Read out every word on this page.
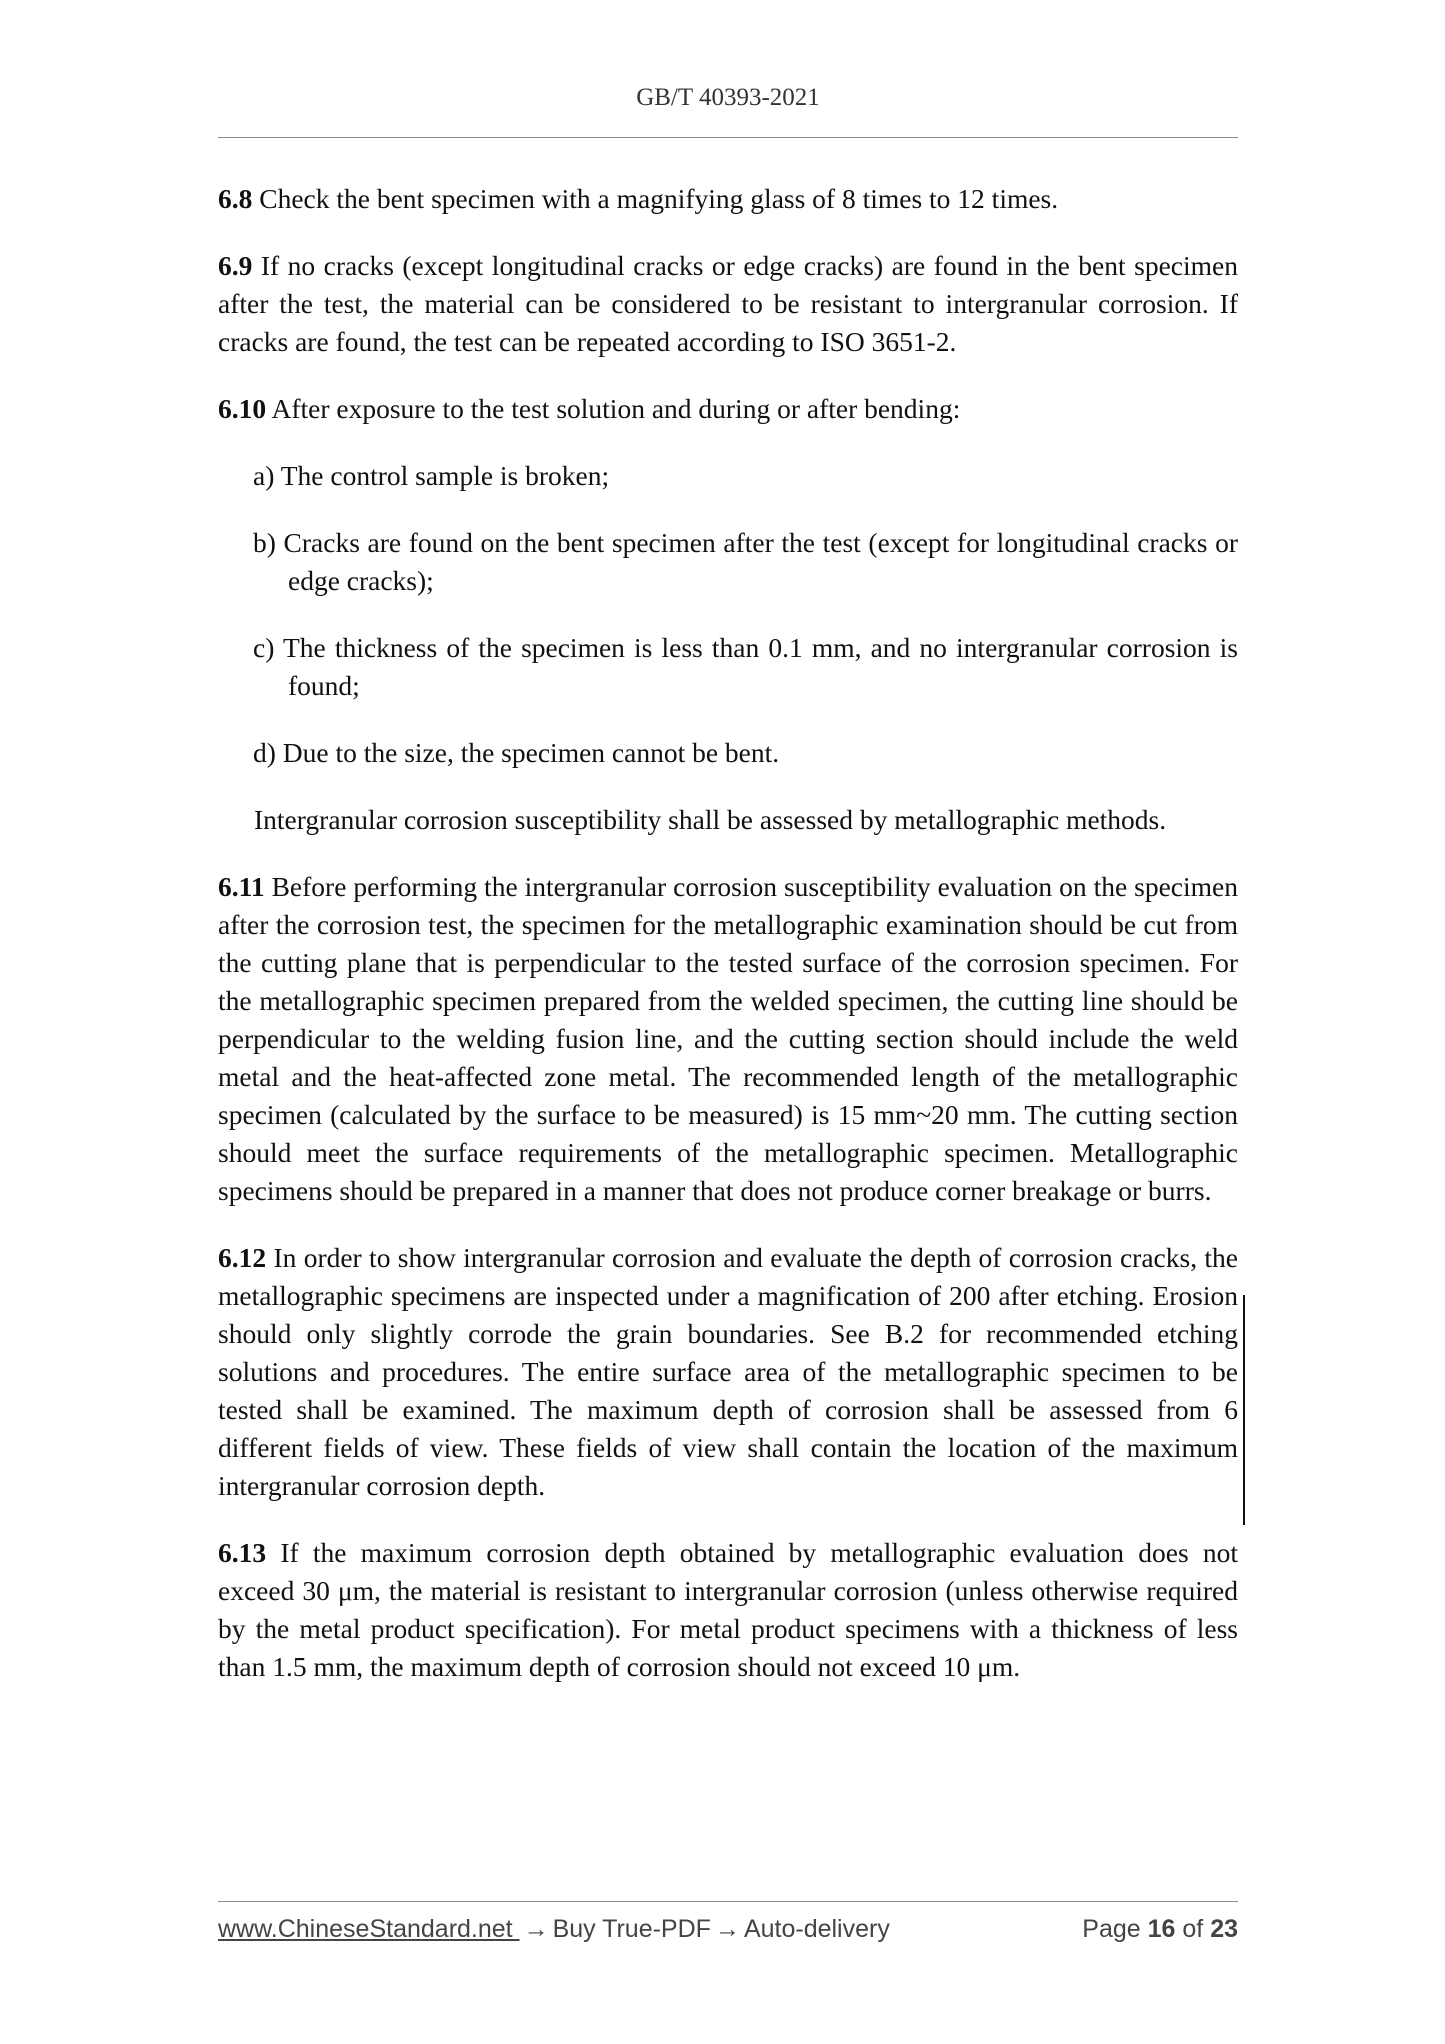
GB/T 40393-2021

6.8 Check the bent specimen with a magnifying glass of 8 times to 12 times.

6.9 If no cracks (except longitudinal cracks or edge cracks) are found in the bent specimen after the test, the material can be considered to be resistant to intergranular corrosion. If cracks are found, the test can be repeated according to ISO 3651-2.

6.10 After exposure to the test solution and during or after bending:

a) The control sample is broken;

b) Cracks are found on the bent specimen after the test (except for longitudinal cracks or edge cracks);

c) The thickness of the specimen is less than 0.1 mm, and no intergranular corrosion is found;

d) Due to the size, the specimen cannot be bent.

Intergranular corrosion susceptibility shall be assessed by metallographic methods.

6.11 Before performing the intergranular corrosion susceptibility evaluation on the specimen after the corrosion test, the specimen for the metallographic examination should be cut from the cutting plane that is perpendicular to the tested surface of the corrosion specimen. For the metallographic specimen prepared from the welded specimen, the cutting line should be perpendicular to the welding fusion line, and the cutting section should include the weld metal and the heat-affected zone metal. The recommended length of the metallographic specimen (calculated by the surface to be measured) is 15 mm~20 mm. The cutting section should meet the surface requirements of the metallographic specimen. Metallographic specimens should be prepared in a manner that does not produce corner breakage or burrs.

6.12 In order to show intergranular corrosion and evaluate the depth of corrosion cracks, the metallographic specimens are inspected under a magnification of 200 after etching. Erosion should only slightly corrode the grain boundaries. See B.2 for recommended etching solutions and procedures. The entire surface area of the metallographic specimen to be tested shall be examined. The maximum depth of corrosion shall be assessed from 6 different fields of view. These fields of view shall contain the location of the maximum intergranular corrosion depth.

6.13 If the maximum corrosion depth obtained by metallographic evaluation does not exceed 30 μm, the material is resistant to intergranular corrosion (unless otherwise required by the metal product specification). For metal product specimens with a thickness of less than 1.5 mm, the maximum depth of corrosion should not exceed 10 μm.

www.ChineseStandard.net → Buy True-PDF → Auto-delivery	Page 16 of 23
